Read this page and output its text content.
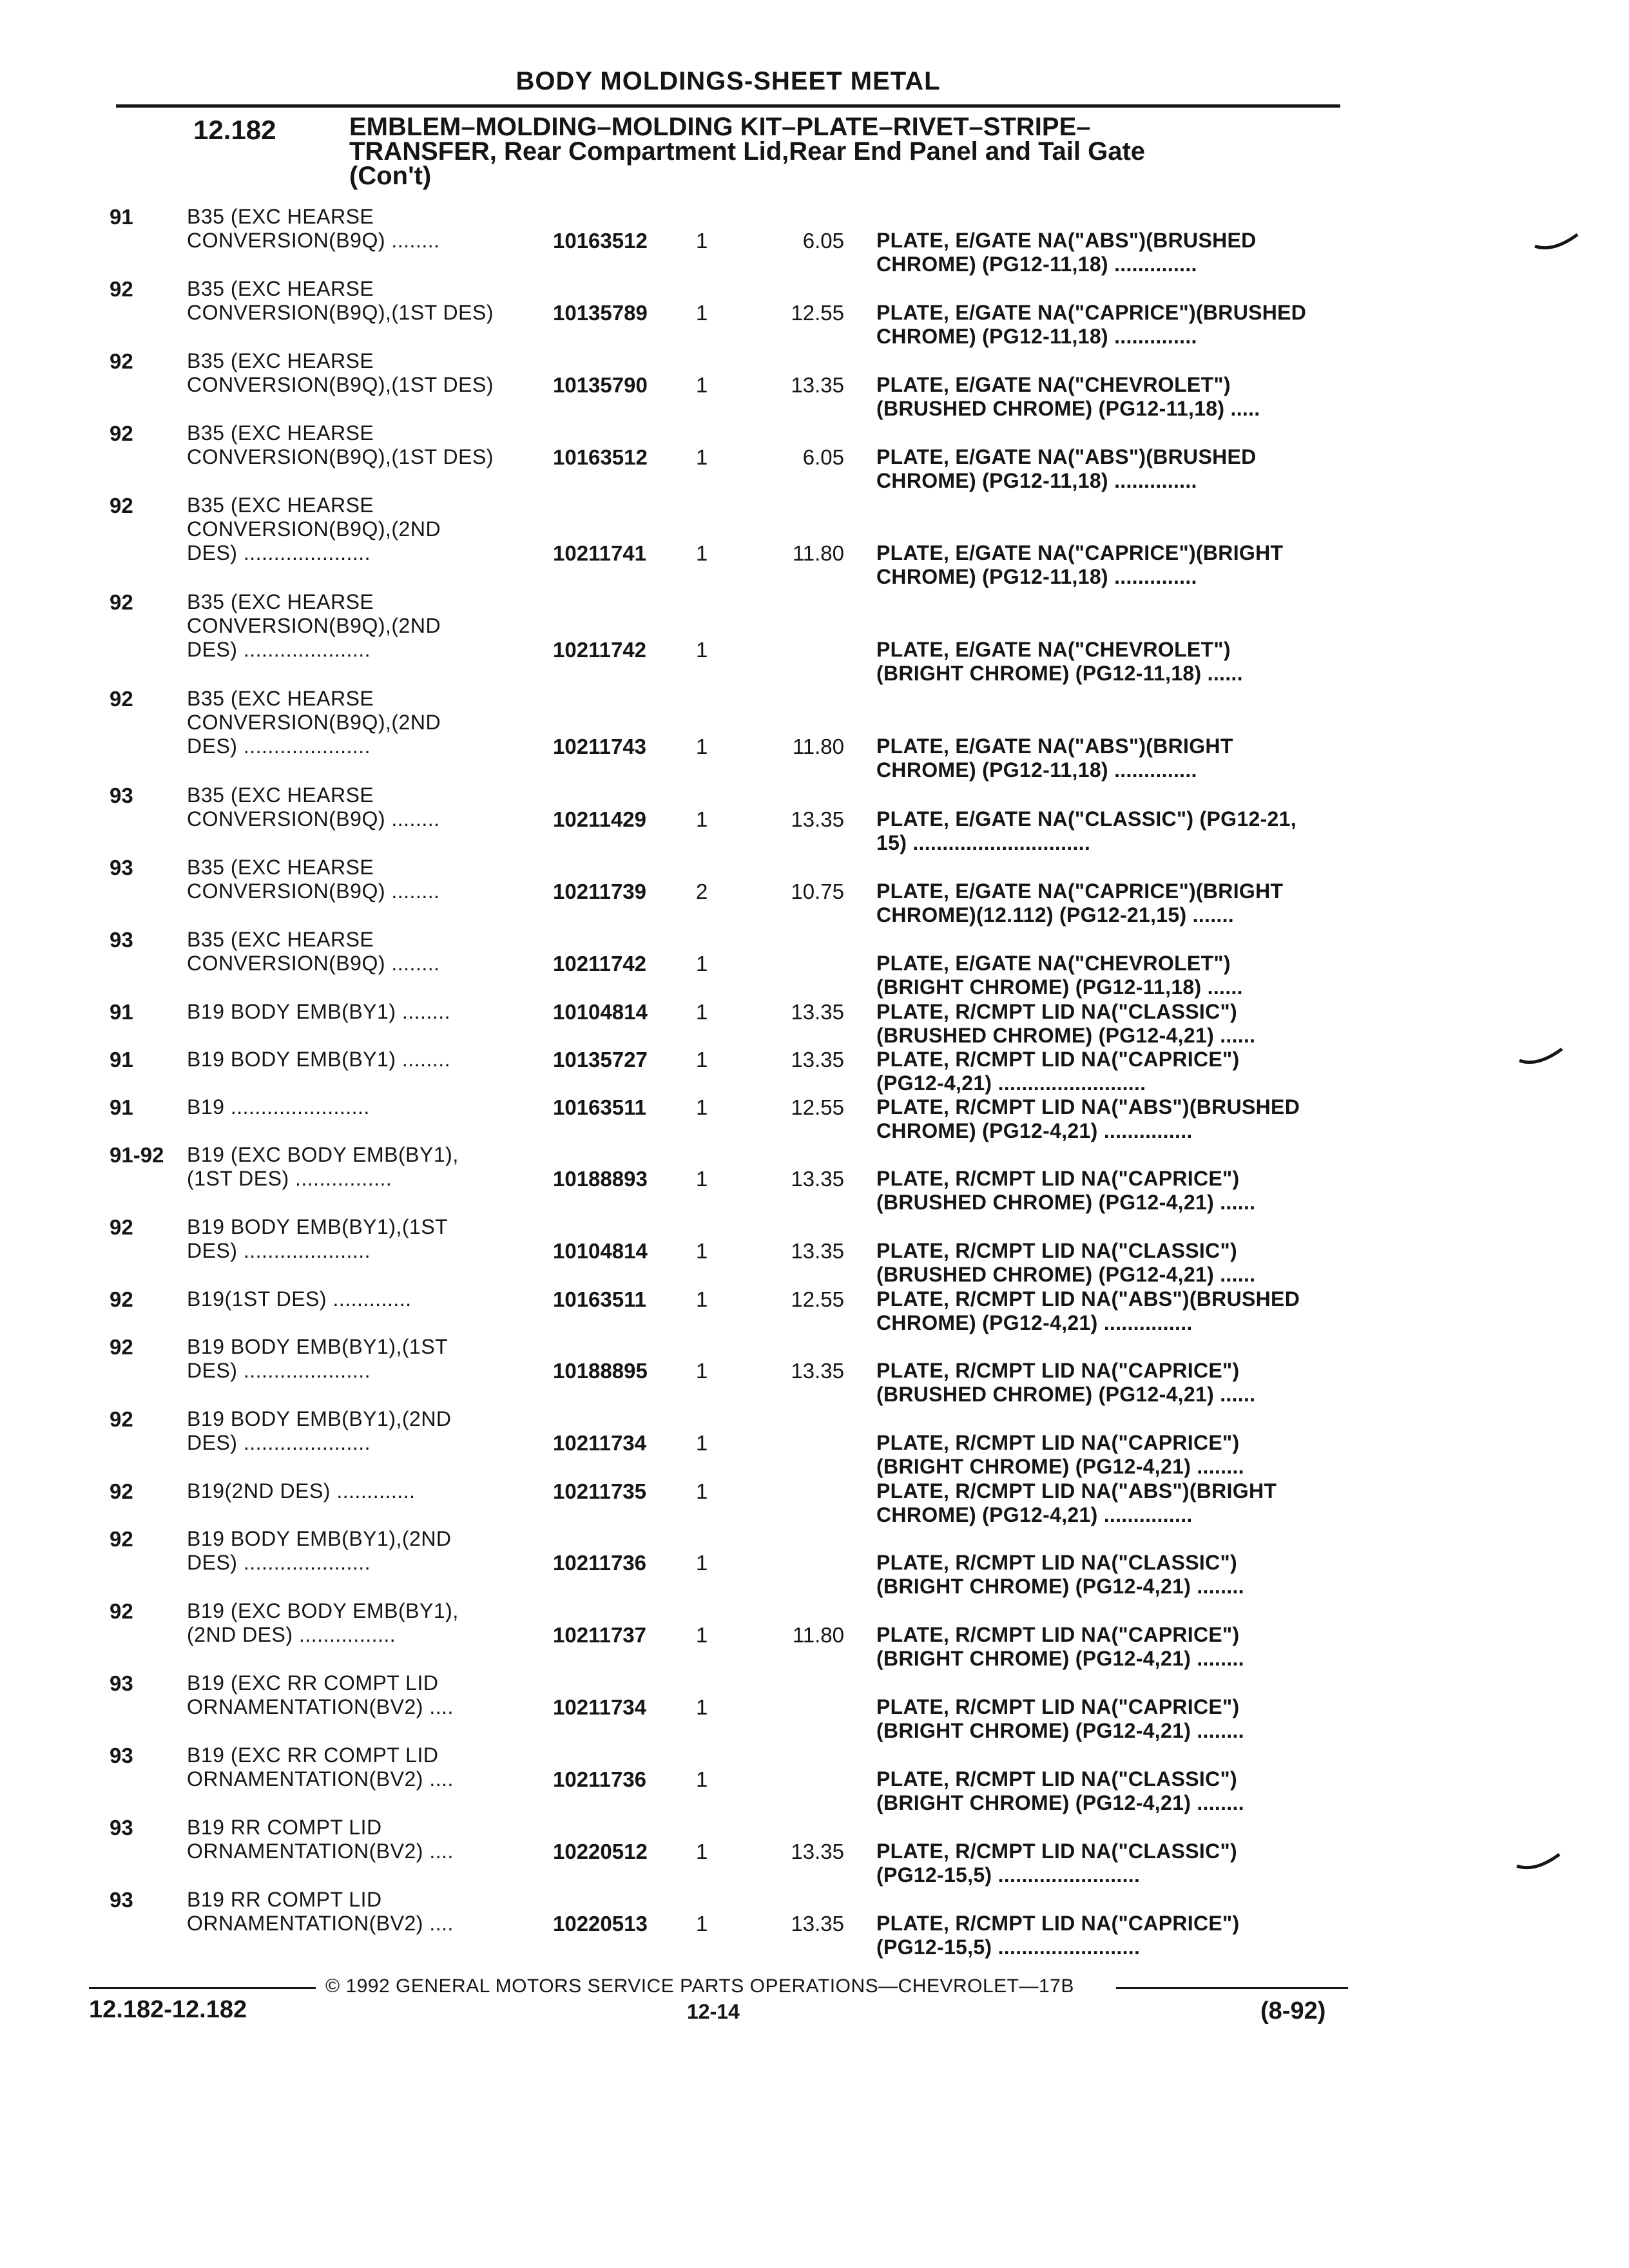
BODY MOLDINGS-SHEET METAL
12.182	EMBLEM–MOLDING–MOLDING KIT–PLATE–RIVET–STRIPE–
TRANSFER, Rear Compartment Lid,Rear End Panel and Tail Gate
(Con't)
91	B35 (EXC HEARSE
CONVERSION(B9Q) ........	10163512 1	6.05 PLATE, E/GATE NA("ABS")(BRUSHED
CHROME) (PG12-11,18) ..............
92	B35 (EXC HEARSE
CONVERSION(B9Q),(1ST DES)	10135789 1	12.55 PLATE, E/GATE NA("CAPRICE")(BRUSHED
CHROME) (PG12-11,18) ..............
92	B35 (EXC HEARSE
CONVERSION(B9Q),(1ST DES)	10135790 1	13.35 PLATE, E/GATE NA("CHEVROLET")
(BRUSHED CHROME) (PG12-11,18) .....
92	B35 (EXC HEARSE
CONVERSION(B9Q),(1ST DES)	10163512 1	6.05 PLATE, E/GATE NA("ABS")(BRUSHED
CHROME) (PG12-11,18) ..............
92	B35 (EXC HEARSE
CONVERSION(B9Q),(2ND
DES) .....................	10211741 1	11.80 PLATE, E/GATE NA("CAPRICE")(BRIGHT
CHROME) (PG12-11,18) ..............
92	B35 (EXC HEARSE
CONVERSION(B9Q),(2ND
DES) .....................	10211742 1	PLATE, E/GATE NA("CHEVROLET")
(BRIGHT CHROME) (PG12-11,18) ......
92	B35 (EXC HEARSE
CONVERSION(B9Q),(2ND
DES) .....................	10211743 1	11.80 PLATE, E/GATE NA("ABS")(BRIGHT
CHROME) (PG12-11,18) ..............
93	B35 (EXC HEARSE
CONVERSION(B9Q) ........	10211429 1	13.35 PLATE, E/GATE NA("CLASSIC") (PG12-21,
15) ..............................
93	B35 (EXC HEARSE
CONVERSION(B9Q) ........	10211739 2	10.75 PLATE, E/GATE NA("CAPRICE")(BRIGHT
CHROME)(12.112) (PG12-21,15) .......
93	B35 (EXC HEARSE
CONVERSION(B9Q) ........	10211742 1	PLATE, E/GATE NA("CHEVROLET")
(BRIGHT CHROME) (PG12-11,18) ......
91	B19 BODY EMB(BY1) ........	10104814 1	13.35 PLATE, R/CMPT LID NA("CLASSIC")
(BRUSHED CHROME) (PG12-4,21) ......
91	B19 BODY EMB(BY1) ........	10135727 1	13.35 PLATE, R/CMPT LID NA("CAPRICE")
(PG12-4,21) .........................
91	B19 .......................	10163511 1	12.55 PLATE, R/CMPT LID NA("ABS")(BRUSHED
CHROME) (PG12-4,21) ...............
91-92 B19 (EXC BODY EMB(BY1),
(1ST DES) ................	10188893 1	13.35 PLATE, R/CMPT LID NA("CAPRICE")
(BRUSHED CHROME) (PG12-4,21) ......
92	B19 BODY EMB(BY1),(1ST
DES) .....................	10104814 1	13.35 PLATE, R/CMPT LID NA("CLASSIC")
(BRUSHED CHROME) (PG12-4,21) ......
92	B19(1ST DES) .............	10163511 1	12.55 PLATE, R/CMPT LID NA("ABS")(BRUSHED
CHROME) (PG12-4,21) ...............
92	B19 BODY EMB(BY1),(1ST
DES) .....................	10188895 1	13.35 PLATE, R/CMPT LID NA("CAPRICE")
(BRUSHED CHROME) (PG12-4,21) ......
92	B19 BODY EMB(BY1),(2ND
DES) .....................	10211734 1	PLATE, R/CMPT LID NA("CAPRICE")
(BRIGHT CHROME) (PG12-4,21) ........
92	B19(2ND DES) .............	10211735 1	PLATE, R/CMPT LID NA("ABS")(BRIGHT
CHROME) (PG12-4,21) ...............
92	B19 BODY EMB(BY1),(2ND
DES) .....................	10211736 1	PLATE, R/CMPT LID NA("CLASSIC")
(BRIGHT CHROME) (PG12-4,21) ........
92	B19 (EXC BODY EMB(BY1),
(2ND DES) ................	10211737 1	11.80 PLATE, R/CMPT LID NA("CAPRICE")
(BRIGHT CHROME) (PG12-4,21) ........
93	B19 (EXC RR COMPT LID
ORNAMENTATION(BV2) ....	10211734 1	PLATE, R/CMPT LID NA("CAPRICE")
(BRIGHT CHROME) (PG12-4,21) ........
93	B19 (EXC RR COMPT LID
ORNAMENTATION(BV2) ....	10211736 1	PLATE, R/CMPT LID NA("CLASSIC")
(BRIGHT CHROME) (PG12-4,21) ........
93	B19 RR COMPT LID
ORNAMENTATION(BV2) ....	10220512 1	13.35 PLATE, R/CMPT LID NA("CLASSIC")
(PG12-15,5) ........................
93	B19 RR COMPT LID
ORNAMENTATION(BV2) ....	10220513 1	13.35 PLATE, R/CMPT LID NA("CAPRICE")
(PG12-15,5) ........................
© 1992 GENERAL MOTORS SERVICE PARTS OPERATIONS—CHEVROLET—17B
12.182-12.182	12-14	(8-92)
